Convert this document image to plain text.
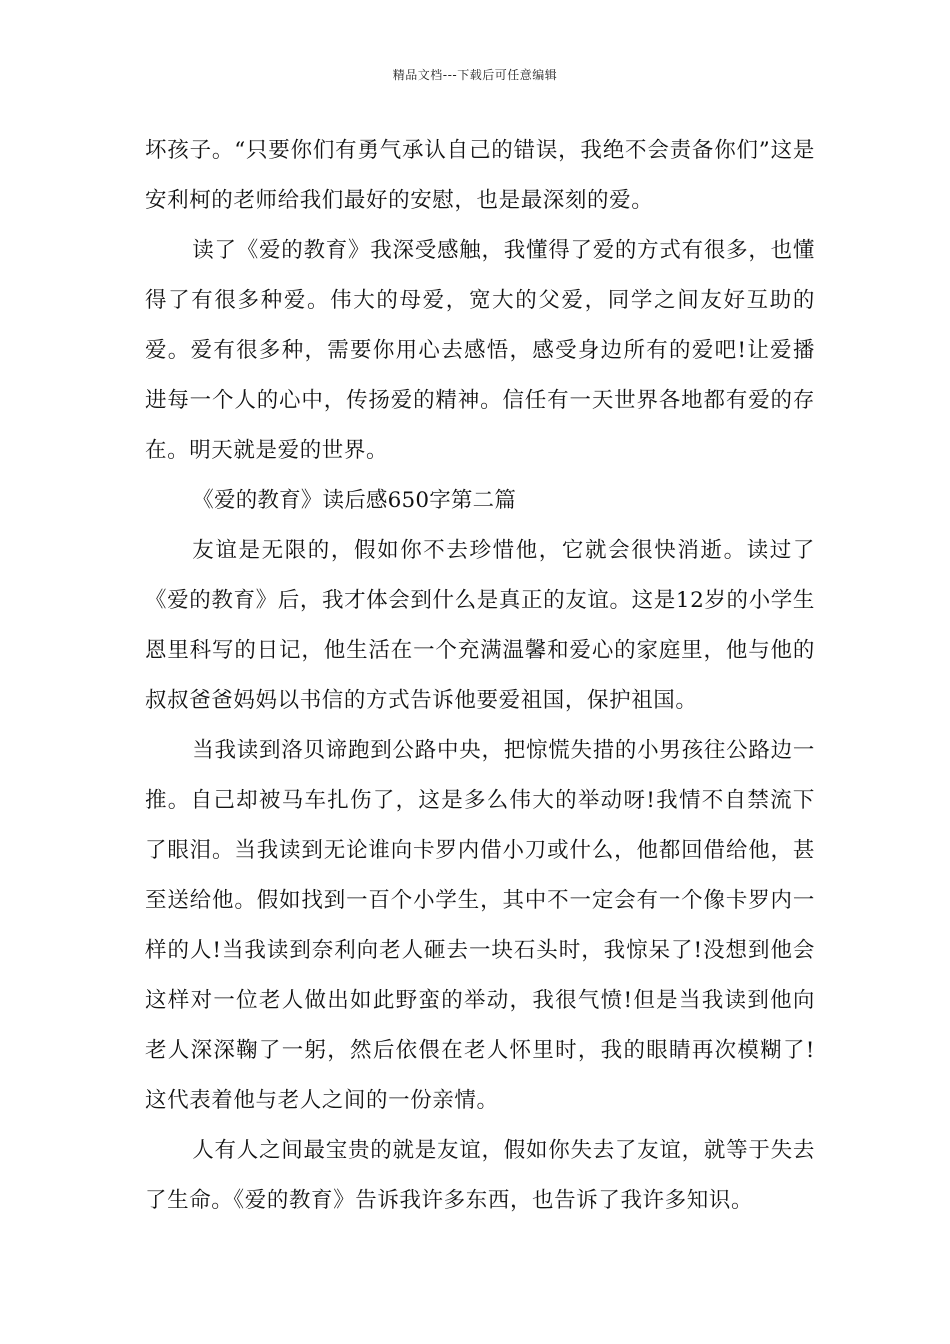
精品文档---下载后可任意编辑

坏孩子。“只要你们有勇气承认自己的错误，我绝不会责备你们”这是安利柯的老师给我们最好的安慰，也是最深刻的爱。

读了《爱的教育》我深受感触，我懂得了爱的方式有很多，也懂得了有很多种爱。伟大的母爱，宽大的父爱，同学之间友好互助的爱。爱有很多种，需要你用心去感悟，感受身边所有的爱吧!让爱播进每一个人的心中，传扬爱的精神。信任有一天世界各地都有爱的存在。明天就是爱的世界。

《爱的教育》读后感650字第二篇

友谊是无限的，假如你不去珍惜他，它就会很快消逝。读过了《爱的教育》后，我才体会到什么是真正的友谊。这是12岁的小学生恩里科写的日记，他生活在一个充满温馨和爱心的家庭里，他与他的叔叔爸爸妈妈以书信的方式告诉他要爱祖国，保护祖国。

当我读到洛贝谛跑到公路中央，把惊慌失措的小男孩往公路边一推。自己却被马车扎伤了，这是多么伟大的举动呀!我情不自禁流下了眼泪。当我读到无论谁向卡罗内借小刀或什么，他都回借给他，甚至送给他。假如找到一百个小学生，其中不一定会有一个像卡罗内一样的人!当我读到奈利向老人砸去一块石头时，我惊呆了!没想到他会这样对一位老人做出如此野蛮的举动，我很气愤!但是当我读到他向老人深深鞠了一躬，然后依偎在老人怀里时，我的眼睛再次模糊了!这代表着他与老人之间的一份亲情。

人有人之间最宝贵的就是友谊，假如你失去了友谊，就等于失去了生命。《爱的教育》告诉我许多东西，也告诉了我许多知识。
